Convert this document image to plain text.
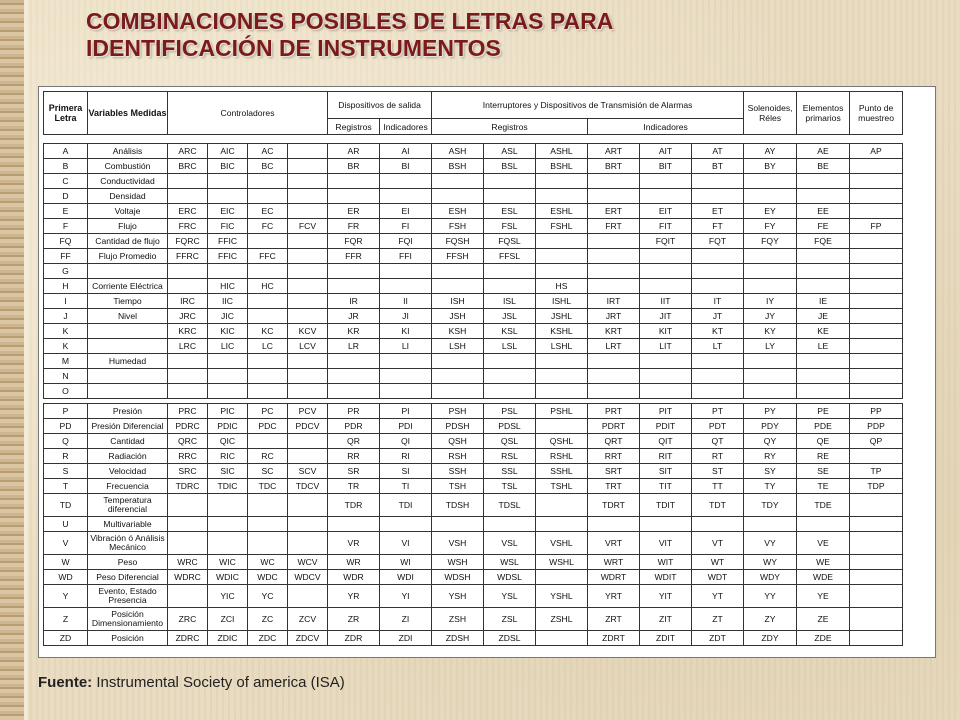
COMBINACIONES POSIBLES DE LETRAS PARA
IDENTIFICACIÓN DE INSTRUMENTOS
Primera Letra	Variables Medidas	Controladores	Dispositivos de salida		Interruptores y Dispositivos de Transmisión de Alarmas		Solenoides, Réles	Elementos primarios	Punto de muestreo
			Registros	Indicadores	Registros	Indicadores			
A	Análisis	ARC	AIC	AC		AR	AI	ASH	ASL	ASHL	ART	AIT	AT	AY	AE	AP
B	Combustión	BRC	BIC	BC		BR	BI	BSH	BSL	BSHL	BRT	BIT	BT	BY	BE	
C	Conductividad															
D	Densidad															
E	Voltaje	ERC	EIC	EC		ER	EI	ESH	ESL	ESHL	ERT	EIT	ET	EY	EE	
F	Flujo	FRC	FIC	FC	FCV	FR	FI	FSH	FSL	FSHL	FRT	FIT	FT	FY	FE	FP
FQ	Cantidad de flujo	FQRC	FFIC			FQR	FQI	FQSH	FQSL			FQIT	FQT	FQY	FQE	
FF	Flujo Promedio	FFRC	FFIC	FFC		FFR	FFI	FFSH	FFSL							
G																
H	Corriente Eléctrica		HIC	HC						HS						
I	Tiempo	IRC	IIC			IR	II	ISH	ISL	ISHL	IRT	IIT	IT	IY	IE	
J	Nivel	JRC	JIC			JR	JI	JSH	JSL	JSHL	JRT	JIT	JT	JY	JE	
K		KRC	KIC	KC	KCV	KR	KI	KSH	KSL	KSHL	KRT	KIT	KT	KY	KE	
K		LRC	LIC	LC	LCV	LR	LI	LSH	LSL	LSHL	LRT	LIT	LT	LY	LE	
M	Humedad															
N																
O																
P	Presión	PRC	PIC	PC	PCV	PR	PI	PSH	PSL	PSHL	PRT	PIT	PT	PY	PE	PP
PD	Presión Diferencial	PDRC	PDIC	PDC	PDCV	PDR	PDI	PDSH	PDSL		PDRT	PDIT	PDT	PDY	PDE	PDP
Q	Cantidad	QRC	QIC			QR	QI	QSH	QSL	QSHL	QRT	QIT	QT	QY	QE	QP
R	Radiación	RRC	RIC	RC		RR	RI	RSH	RSL	RSHL	RRT	RIT	RT	RY	RE	
S	Velocidad	SRC	SIC	SC	SCV	SR	SI	SSH	SSL	SSHL	SRT	SIT	ST	SY	SE	TP
T	Frecuencia	TDRC	TDIC	TDC	TDCV	TR	TI	TSH	TSL	TSHL	TRT	TIT	TT	TY	TE	TDP
TD	Temperatura diferencial					TDR	TDI	TDSH	TDSL		TDRT	TDIT	TDT	TDY	TDE	
U	Multivariable															
V	Vibración ó Análisis Mecánico					VR	VI	VSH	VSL	VSHL	VRT	VIT	VT	VY	VE	
W	Peso	WRC	WIC	WC	WCV	WR	WI	WSH	WSL	WSHL	WRT	WIT	WT	WY	WE	
WD	Peso Diferencial	WDRC	WDIC	WDC	WDCV	WDR	WDI	WDSH	WDSL		WDRT	WDIT	WDT	WDY	WDE	
Y	Evento, Estado Presencia		YIC	YC		YR	YI	YSH	YSL	YSHL	YRT	YIT	YT	YY	YE	
Z	Posición Dimensionamiento	ZRC	ZCI	ZC	ZCV	ZR	ZI	ZSH	ZSL	ZSHL	ZRT	ZIT	ZT	ZY	ZE	
ZD	Posición	ZDRC	ZDIC	ZDC	ZDCV	ZDR	ZDI	ZDSH	ZDSL		ZDRT	ZDIT	ZDT	ZDY	ZDE	
Fuente: Instrumental Society of america (ISA)
